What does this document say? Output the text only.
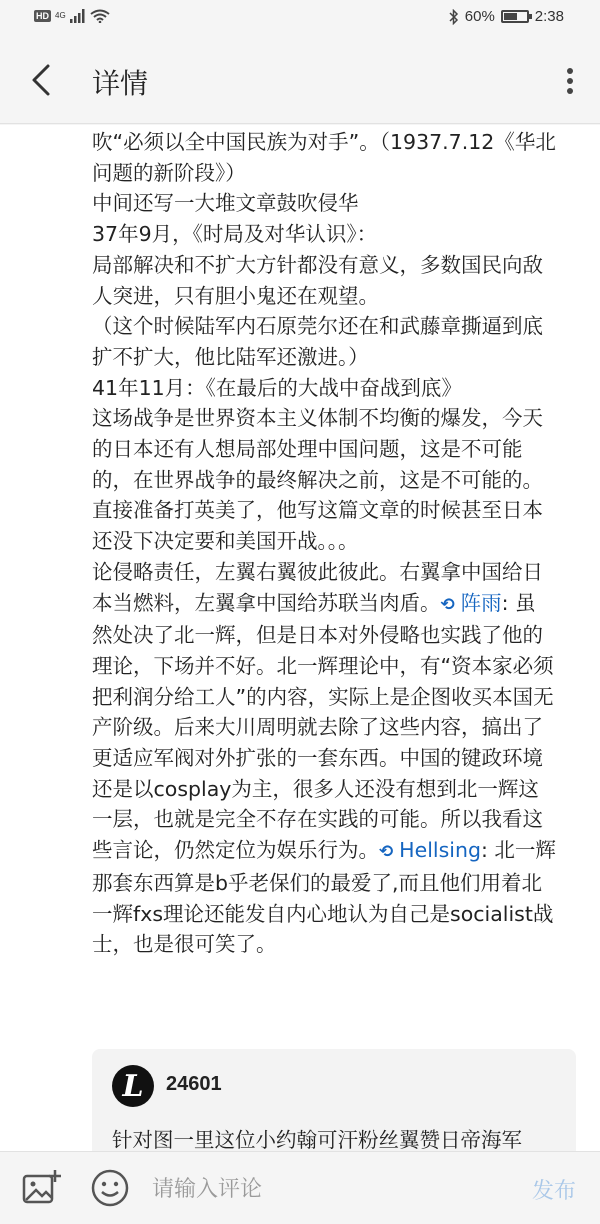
HD 4G	60%	2:38
详情
吹“必须以全中国民族为对手”。（1937.7.12《华北
问题的新阶段》）
中间还写一大堆文章鼓吹侵华
37年9月，《时局及对华认识》：
局部解决和不扩大方针都没有意义，多数国民向敌
人突进，只有胆小鬼还在观望。
（这个时候陆军内石原莞尔还在和武藤章撕逼到底
扩不扩大，他比陆军还激进。）
41年11月：《在最后的大战中奋战到底》
这场战争是世界资本主义体制不均衡的爆发，今天
的日本还有人想局部处理中国问题，这是不可能
的，在世界战争的最终解决之前，这是不可能的。
直接准备打英美了，他写这篇文章的时候甚至日本
还没下决定要和美国开战。。。
论侵略责任，左翼右翼彼此彼此。右翼拿中国给日
本当燃料，左翼拿中国给苏联当肉盾。⟲ 阵雨: 虽
然处决了北一辉，但是日本对外侵略也实践了他的
理论，下场并不好。北一辉理论中，有“资本家必须
把利润分给工人”的内容，实际上是企图收买本国无
产阶级。后来大川周明就去除了这些内容，搞出了
更适应军阀对外扩张的一套东西。中国的键政环境
还是以cosplay为主，很多人还没有想到北一辉这
一层，也就是完全不存在实践的可能。所以我看这
些言论，仍然定位为娱乐行为。⟲ Hellsing: 北一辉
那套东西算是b乎老保们的最爱了,而且他们用着北
一辉fxs理论还能发自内心地认为自己是socialist战
士，也是很可笑了。
L	24601
针对图一里这位小约翰可汗粉丝翼赞日帝海军
请输入评论
发布
